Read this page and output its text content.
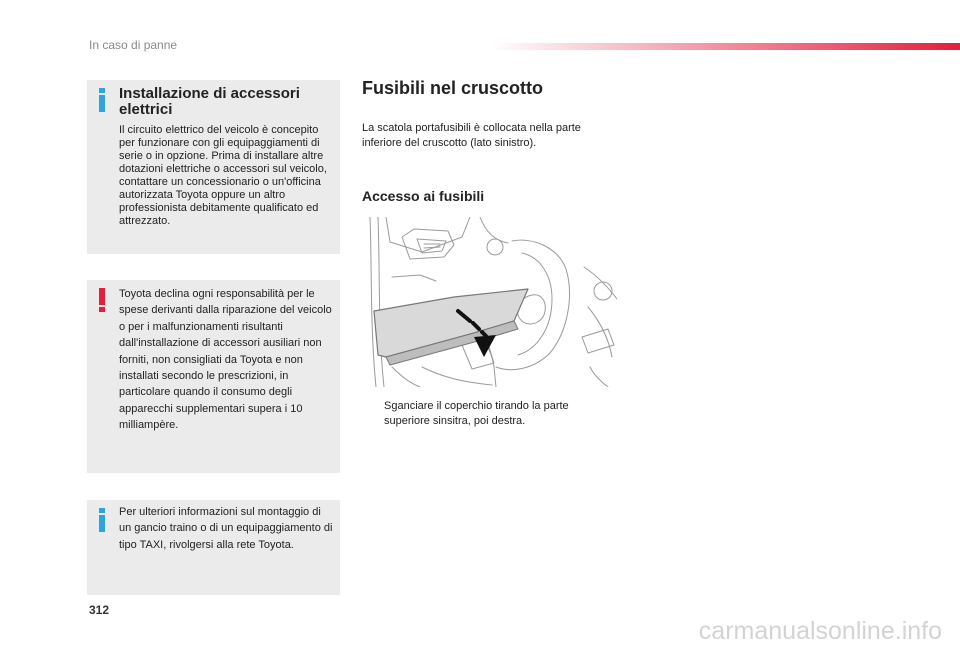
In caso di panne
Installazione di accessori elettrici
Il circuito elettrico del veicolo è concepito per funzionare con gli equipaggiamenti di serie o in opzione. Prima di installare altre dotazioni elettriche o accessori sul veicolo, contattare un concessionario o un'officina autorizzata Toyota oppure un altro professionista debitamente qualificato ed attrezzato.
Toyota declina ogni responsabilità per le spese derivanti dalla riparazione del veicolo o per i malfunzionamenti risultanti dall'installazione di accessori ausiliari non forniti, non consigliati da Toyota e non installati secondo le prescrizioni, in particolare quando il consumo degli apparecchi supplementari supera i 10 milliampère.
Per ulteriori informazioni sul montaggio di un gancio traino o di un equipaggiamento di tipo TAXI, rivolgersi alla rete Toyota.
Fusibili nel cruscotto
La scatola portafusibili è collocata nella parte inferiore del cruscotto (lato sinistro).
Accesso ai fusibili
Sganciare il coperchio tirando la parte superiore sinsitra, poi destra.
312
carmanualsonline.info
